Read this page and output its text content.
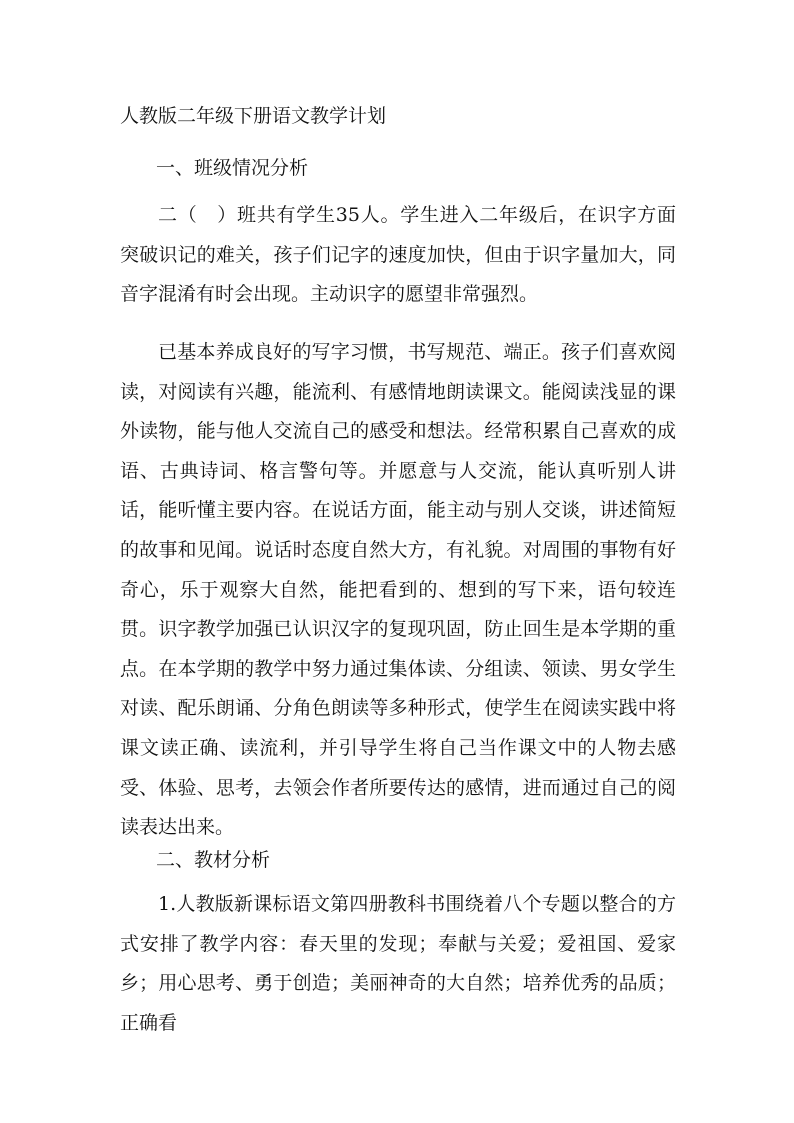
人教版二年级下册语文教学计划
一、班级情况分析

二（　）班共有学生35人。学生进入二年级后，在识字方面突破识记的难关，孩子们记字的速度加快，但由于识字量加大，同音字混淆有时会出现。主动识字的愿望非常强烈。

已基本养成良好的写字习惯，书写规范、端正。孩子们喜欢阅读，对阅读有兴趣，能流利、有感情地朗读课文。能阅读浅显的课外读物，能与他人交流自己的感受和想法。经常积累自己喜欢的成语、古典诗词、格言警句等。并愿意与人交流，能认真听别人讲话，能听懂主要内容。在说话方面，能主动与别人交谈，讲述简短的故事和见闻。说话时态度自然大方，有礼貌。对周围的事物有好奇心，乐于观察大自然，能把看到的、想到的写下来，语句较连贯。识字教学加强已认识汉字的复现巩固，防止回生是本学期的重点。在本学期的教学中努力通过集体读、分组读、领读、男女学生对读、配乐朗诵、分角色朗读等多种形式，使学生在阅读实践中将课文读正确、读流利，并引导学生将自己当作课文中的人物去感受、体验、思考，去领会作者所要传达的感情，进而通过自己的阅读表达出来。

二、教材分析

1.人教版新课标语文第四册教科书围绕着八个专题以整合的方式安排了教学内容：春天里的发现；奉献与关爱；爱祖国、爱家乡；用心思考、勇于创造；美丽神奇的大自然；培养优秀的品质；正确看
